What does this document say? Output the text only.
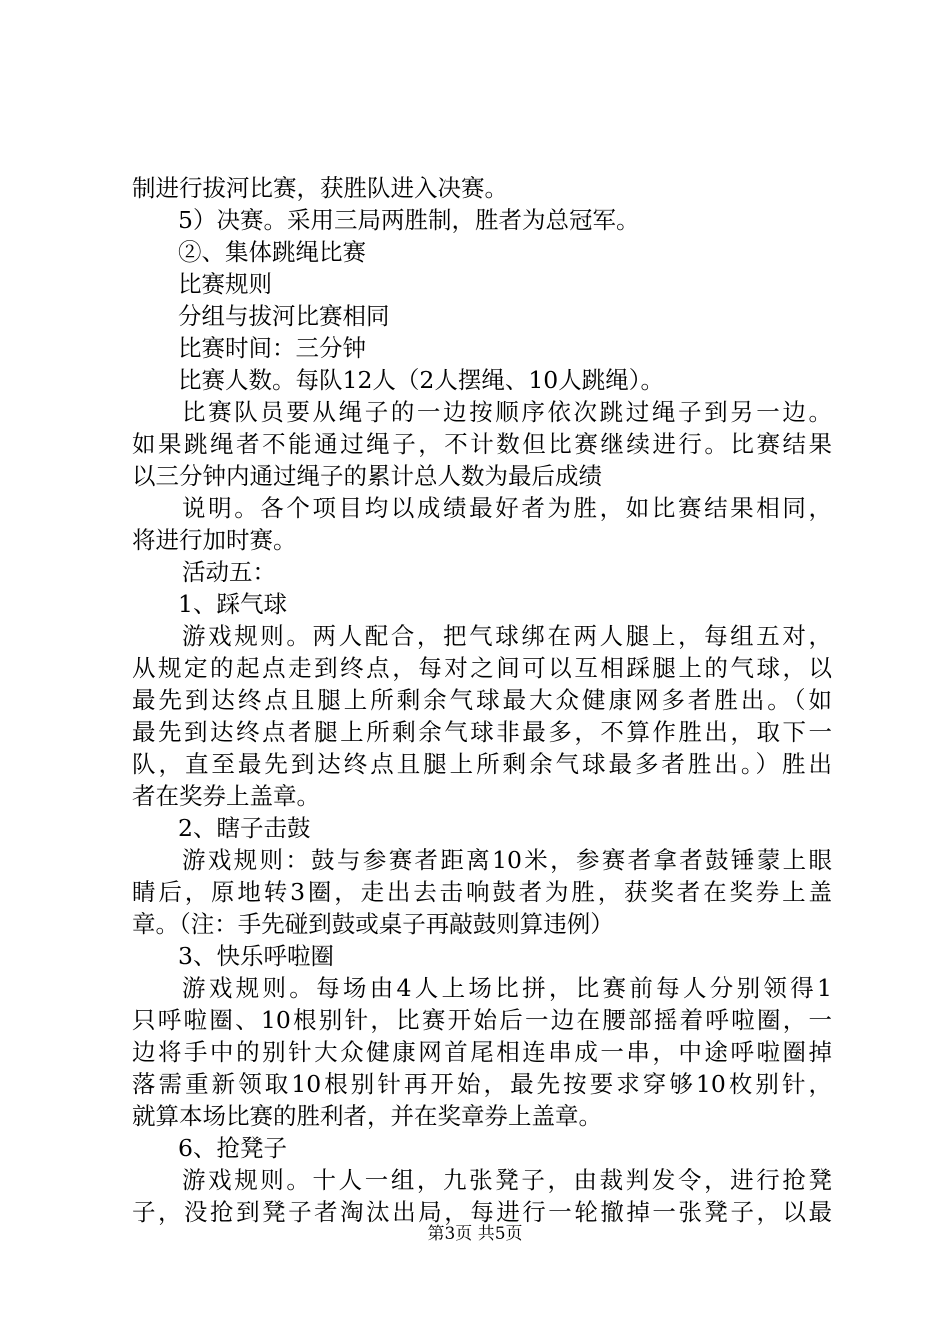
制进行拔河比赛，获胜队进入决赛。
5）决赛。采用三局两胜制，胜者为总冠军。
②、集体跳绳比赛
比赛规则
分组与拔河比赛相同
比赛时间：三分钟
比赛人数。每队12人（2人摆绳、10人跳绳）。
比赛队员要从绳子的一边按顺序依次跳过绳子到另一边。
如果跳绳者不能通过绳子，不计数但比赛继续进行。比赛结果
以三分钟内通过绳子的累计总人数为最后成绩
说明。各个项目均以成绩最好者为胜，如比赛结果相同，
将进行加时赛。
活动五：
1、踩气球
游戏规则。两人配合，把气球绑在两人腿上，每组五对，
从规定的起点走到终点，每对之间可以互相踩腿上的气球，以
最先到达终点且腿上所剩余气球最大众健康网多者胜出。（如
最先到达终点者腿上所剩余气球非最多，不算作胜出，取下一
队，直至最先到达终点且腿上所剩余气球最多者胜出。）胜出
者在奖券上盖章。
2、瞎子击鼓
游戏规则：鼓与参赛者距离10米，参赛者拿者鼓锤蒙上眼
睛后，原地转3圈，走出去击响鼓者为胜，获奖者在奖券上盖
章。（注：手先碰到鼓或桌子再敲鼓则算违例）
3、快乐呼啦圈
游戏规则。每场由4人上场比拼，比赛前每人分别领得1
只呼啦圈、10根别针，比赛开始后一边在腰部摇着呼啦圈，一
边将手中的别针大众健康网首尾相连串成一串，中途呼啦圈掉
落需重新领取10根别针再开始，最先按要求穿够10枚别针，
就算本场比赛的胜利者，并在奖章券上盖章。
6、抢凳子
游戏规则。十人一组，九张凳子，由裁判发令，进行抢凳
子，没抢到凳子者淘汰出局，每进行一轮撤掉一张凳子，以最
第3页 共5页
